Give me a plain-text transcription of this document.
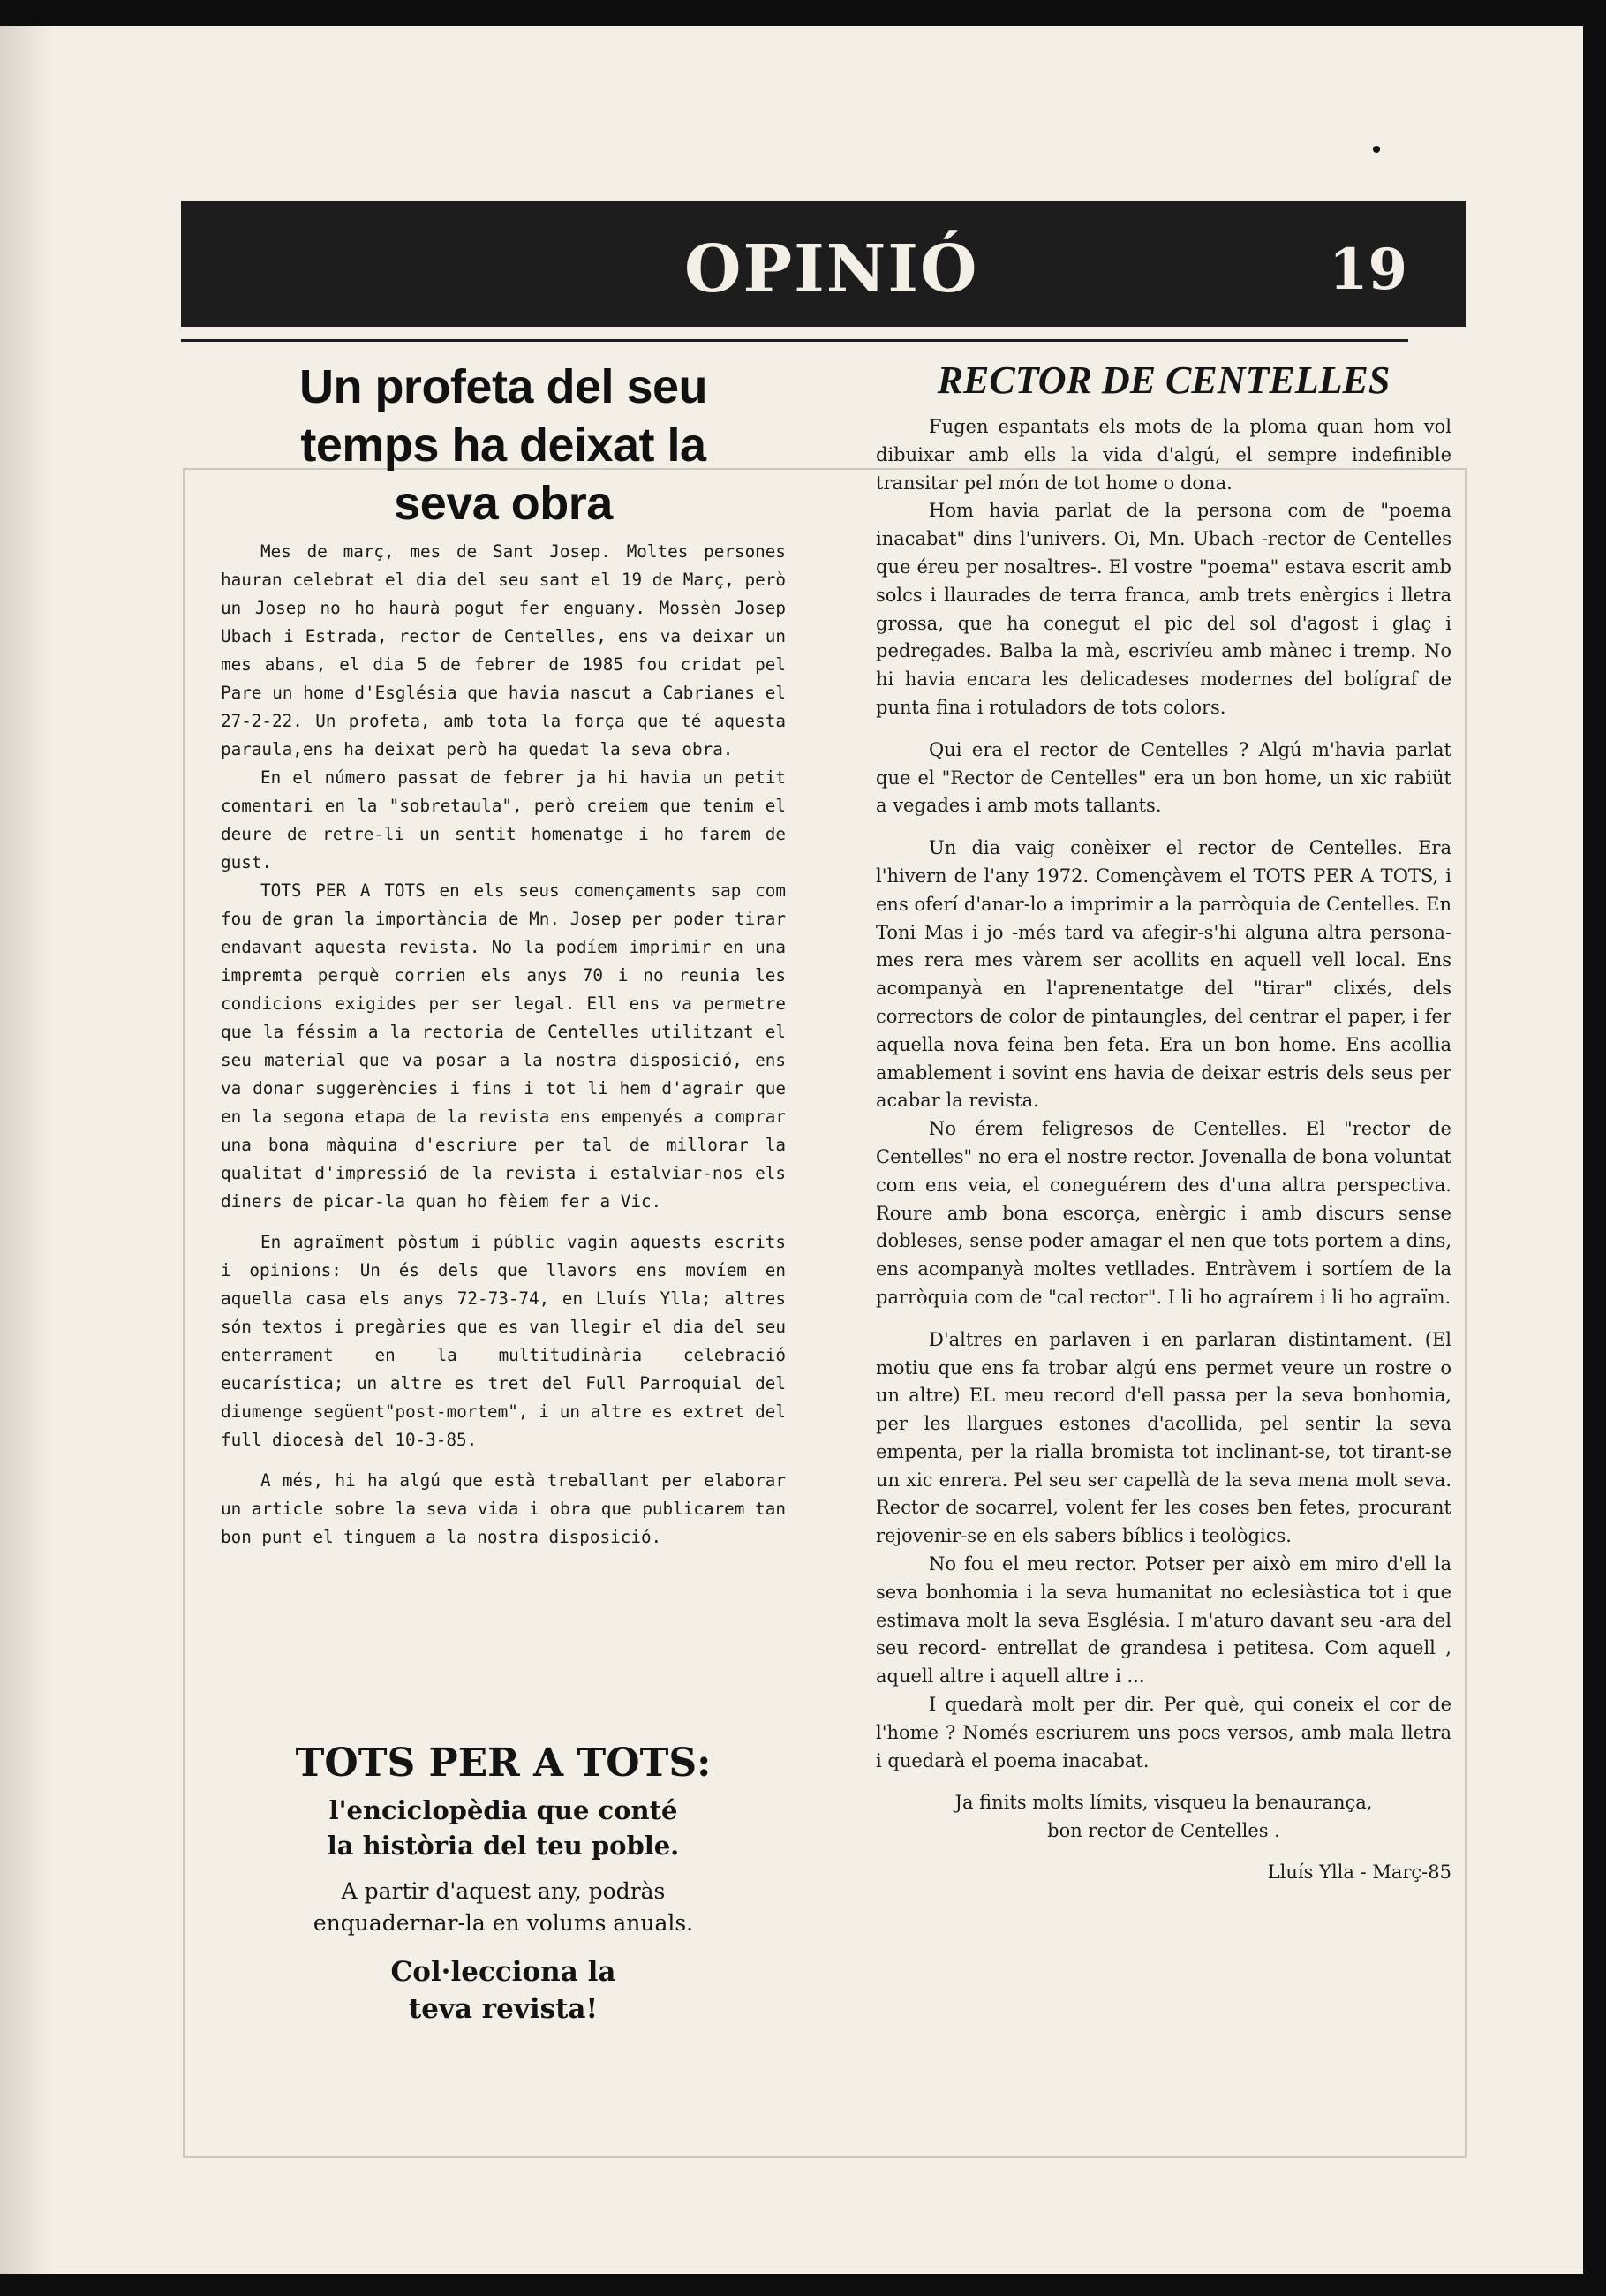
OPINIÓ	19
Un profeta del seu
temps ha deixat la
seva obra

Mes de març, mes de Sant Josep. Moltes persones hauran celebrat el dia del seu sant el 19 de Març, però un Josep no ho haurà pogut fer enguany. Mossèn Josep Ubach i Estrada, rector de Centelles, ens va deixar un mes abans, el dia 5 de febrer de 1985 fou cridat pel Pare un home d'Església que havia nascut a Cabrianes el 27-2-22. Un profeta, amb tota la força que té aquesta paraula,ens ha deixat però ha quedat la seva obra.

En el número passat de febrer ja hi havia un petit comentari en la "sobretaula", però creiem que tenim el deure de retre-li un sentit homenatge i ho farem de gust.

TOTS PER A TOTS en els seus començaments sap com fou de gran la importància de Mn. Josep per poder tirar endavant aquesta revista. No la podíem imprimir en una impremta perquè corrien els anys 70 i no reunia les condicions exigides per ser legal. Ell ens va permetre que la féssim a la rectoria de Centelles utilitzant el seu material que va posar a la nostra disposició, ens va donar suggerències i fins i tot li hem d'agrair que en la segona etapa de la revista ens empenyés a comprar una bona màquina d'escriure per tal de millorar la qualitat d'impressió de la revista i estalviar-nos els diners de picar-la quan ho fèiem fer a Vic.

En agraïment pòstum i públic vagin aquests escrits i opinions: Un és dels que llavors ens movíem en aquella casa els anys 72-73-74, en Lluís Ylla; altres són textos i pregàries que es van llegir el dia del seu enterrament en la multitudinària celebració eucarística; un altre es tret del Full Parroquial del diumenge següent"post-mortem", i un altre es extret del full diocesà del 10-3-85.

A més, hi ha algú que està treballant per elaborar un article sobre la seva vida i obra que publicarem tan bon punt el tinguem a la nostra disposició.

TOTS PER A TOTS:
l'enciclopèdia que conté
la història del teu poble.
A partir d'aquest any, podràs
enquadernar-la en volums anuals.
Col·lecciona la
teva revista!
RECTOR DE CENTELLES

Fugen espantats els mots de la ploma quan hom vol dibuixar amb ells la vida d'algú, el sempre indefinible transitar pel món de tot home o dona.

Hom havia parlat de la persona com de "poema inacabat" dins l'univers. Oi, Mn. Ubach -rector de Centelles que éreu per nosaltres-. El vostre "poema" estava escrit amb solcs i llaurades de terra franca, amb trets enèrgics i lletra grossa, que ha conegut el pic del sol d'agost i glaç i pedregades. Balba la mà, escrivíeu amb mànec i tremp. No hi havia encara les delicadeses modernes del bolígraf de punta fina i rotuladors de tots colors.

Qui era el rector de Centelles ? Algú m'havia parlat que el "Rector de Centelles" era un bon home, un xic rabiüt a vegades i amb mots tallants.

Un dia vaig conèixer el rector de Centelles. Era l'hivern de l'any 1972. Començàvem el TOTS PER A TOTS, i ens oferí d'anar-lo a imprimir a la parròquia de Centelles. En Toni Mas i jo -més tard va afegir-s'hi alguna altra persona- mes rera mes vàrem ser acollits en aquell vell local. Ens acompanyà en l'aprenentatge del "tirar" clixés, dels correctors de color de pintaungles, del centrar el paper, i fer aquella nova feina ben feta. Era un bon home. Ens acollia amablement i sovint ens havia de deixar estris dels seus per acabar la revista.

No érem feligresos de Centelles. El "rector de Centelles" no era el nostre rector. Jovenalla de bona voluntat com ens veia, el coneguérem des d'una altra perspectiva. Roure amb bona escorça, enèrgic i amb discurs sense dobleses, sense poder amagar el nen que tots portem a dins, ens acompanyà moltes vetllades. Entràvem i sortíem de la parròquia com de "cal rector". I li ho agraírem i li ho agraïm.

D'altres en parlaven i en parlaran distintament. (El motiu que ens fa trobar algú ens permet veure un rostre o un altre) EL meu record d'ell passa per la seva bonhomia, per les llargues estones d'acollida, pel sentir la seva empenta, per la rialla bromista tot inclinant-se, tot tirant-se un xic enrera. Pel seu ser capellà de la seva mena molt seva. Rector de socarrel, volent fer les coses ben fetes, procurant rejovenir-se en els sabers bíblics i teològics.

No fou el meu rector. Potser per això em miro d'ell la seva bonhomia i la seva humanitat no eclesiàstica tot i que estimava molt la seva Església. I m'aturo davant seu -ara del seu record- entrellat de grandesa i petitesa. Com aquell , aquell altre i aquell altre i ...

I quedarà molt per dir. Per què, qui coneix el cor de l'home ? Només escriurem uns pocs versos, amb mala lletra i quedarà el poema inacabat.

Ja finits molts límits, visqueu la benaurança,

bon rector de Centelles .

Lluís Ylla - Març-85
